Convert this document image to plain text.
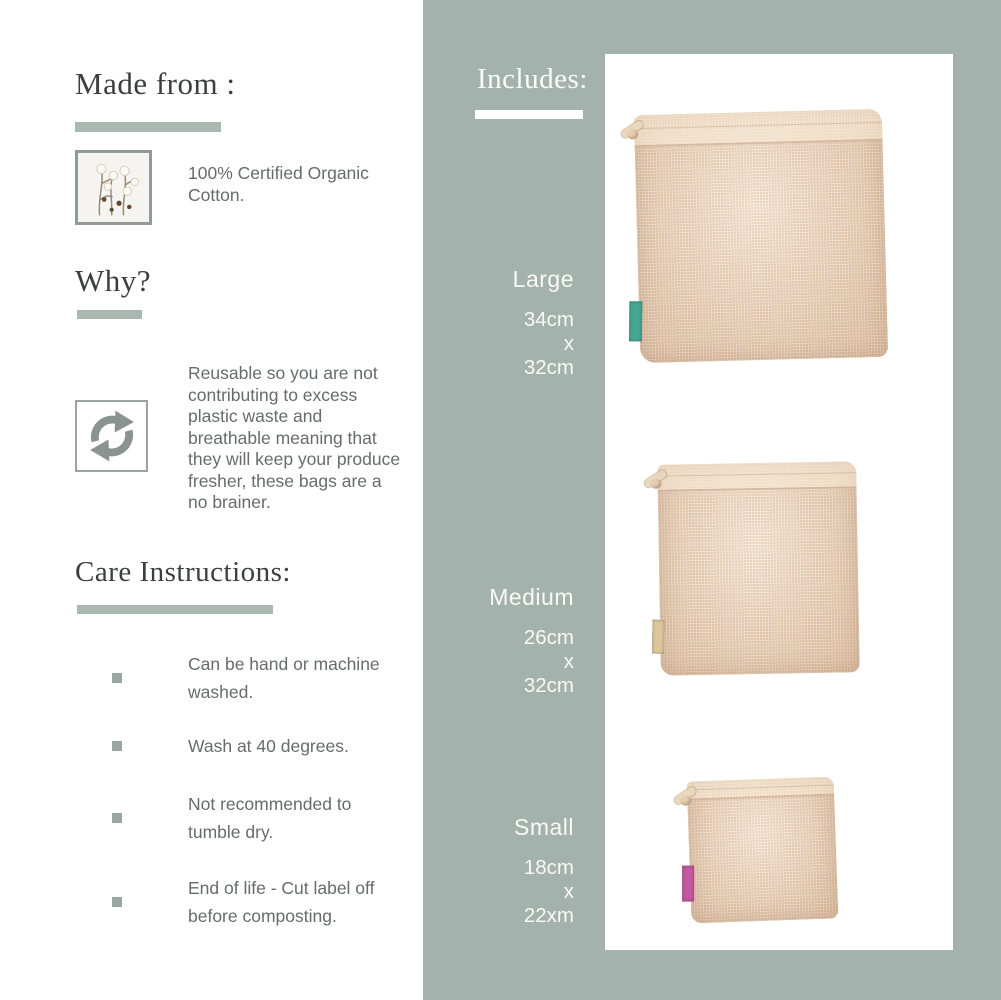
Made from :
100% Certified Organic Cotton.
Why?
Reusable so you are not contributing to excess plastic waste and breathable meaning that they will keep your produce fresher, these bags are a no brainer.
Care Instructions:
Can be hand or machine washed.
Wash at 40 degrees.
Not recommended to tumble dry.
End of life - Cut label off before composting.
Includes:
Large
34cm
x
32cm
Medium
26cm
x
32cm
Small
18cm
x
22xm
